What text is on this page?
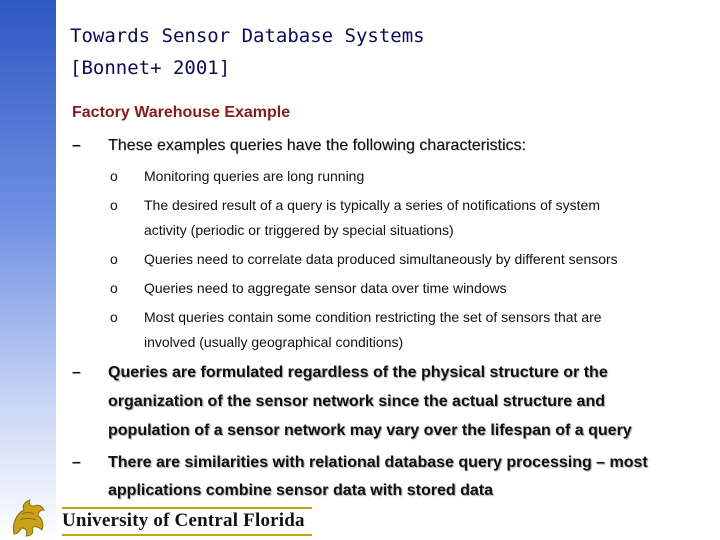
Towards Sensor Database Systems
[Bonnet+ 2001]
Factory Warehouse Example
– These examples queries have the following characteristics:
o Monitoring queries are long running
o The desired result of a query is typically a series of notifications of system
activity (periodic or triggered by special situations)
o Queries need to correlate data produced simultaneously by different sensors
o Queries need to aggregate sensor data over time windows
o Most queries contain some condition restricting the set of sensors that are
involved (usually geographical conditions)
– Queries are formulated regardless of the physical structure or the
organization of the sensor network since the actual structure and
population of a sensor network may vary over the lifespan of a query
– There are similarities with relational database query processing – most
applications combine sensor data with stored data
University of Central Florida
